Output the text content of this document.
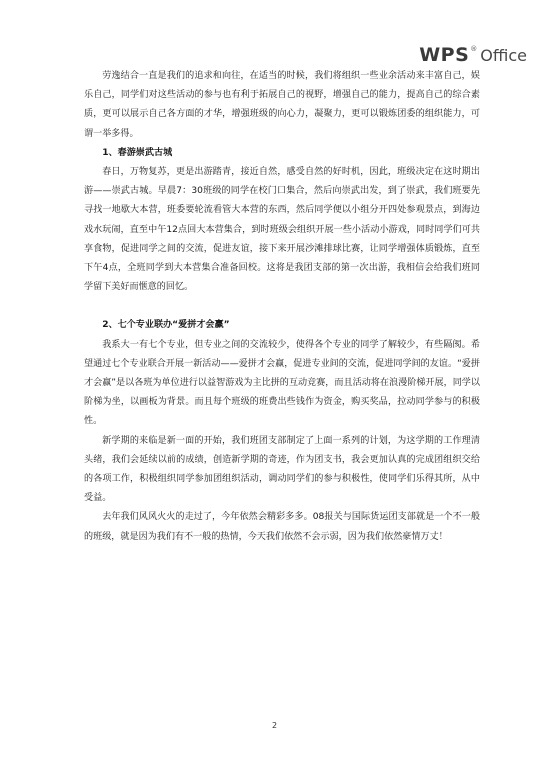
WPS ® Office

劳逸结合一直是我们的追求和向往，在适当的时候，我们将组织一些业余活动来丰富自己，娱乐自己，同学们对这些活动的参与也有利于拓展自己的视野，增强自己的能力，提高自己的综合素质，更可以展示自己各方面的才华，增强班级的向心力，凝聚力，更可以锻炼团委的组织能力，可谓一举多得。

1、春游崇武古城

春日，万物复苏，更是出游踏青，接近自然，感受自然的好时机，因此，班级决定在这时期出游——崇武古城。早晨7：30班级的同学在校门口集合，然后向崇武出发，到了崇武，我们班要先寻找一地歇大本营，班委要轮流看管大本营的东西，然后同学便以小组分开四处参观景点，到海边戏水玩闹，直至中午12点回大本营集合，到时班级会组织开展一些小活动小游戏，同时同学们可共享食物，促进同学之间的交流，促进友谊，接下来开展沙滩排球比赛，让同学增强体质锻炼，直至下午4点，全班同学到大本营集合准备回校。这将是我团支部的第一次出游，我相信会给我们班同学留下美好而惬意的回忆。

2、七个专业联办“爱拼才会赢”

我系大一有七个专业，但专业之间的交流较少，使得各个专业的同学了解较少，有些隔阂。希望通过七个专业联合开展一新活动——爱拼才会赢，促进专业间的交流，促进同学间的友谊。“爱拼才会赢”是以各班为单位进行以益智游戏为主比拼的互动竞赛，而且活动将在浪漫阶梯开展，同学以阶梯为坐，以画板为背景。而且每个班级的班费出些钱作为资金，购买奖品，拉动同学参与的积极性。

新学期的来临是新一面的开始，我们班团支部制定了上面一系列的计划，为这学期的工作理清头绪，我们会延续以前的成绩，创造新学期的奇迹，作为团支书，我会更加认真的完成团组织交给的各项工作，积极组织同学参加团组织活动，调动同学们的参与积极性，使同学们乐得其所，从中受益。

去年我们风风火火的走过了，今年依然会精彩多多。08报关与国际货运团支部就是一个不一般的班级，就是因为我们有不一般的热情，今天我们依然不会示弱，因为我们依然豪情万丈！

2
